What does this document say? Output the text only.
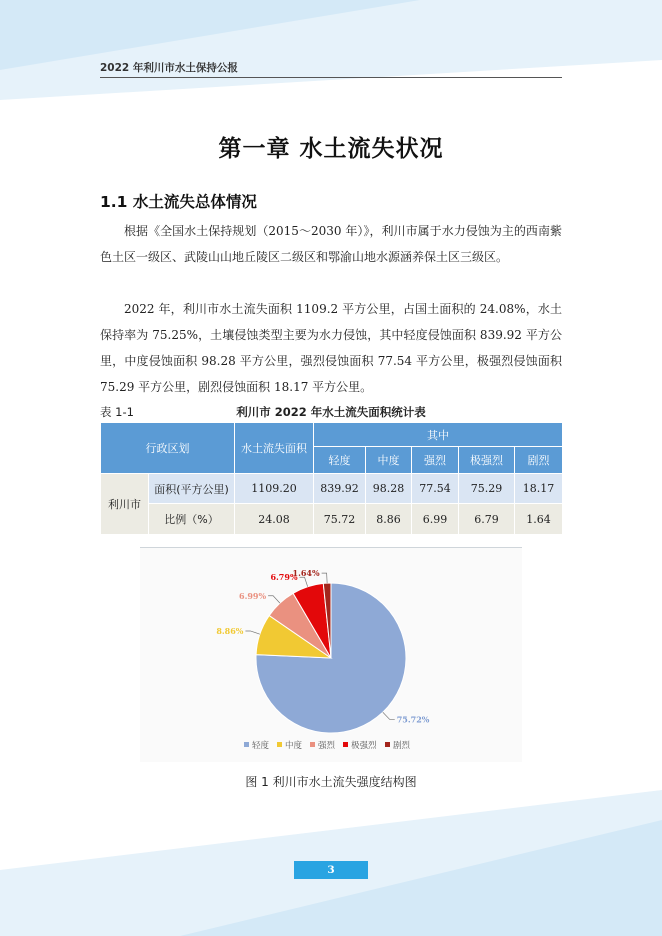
2022 年利川市水土保持公报
第一章 水土流失状况
1.1 水土流失总体情况
根据《全国水土保持规划（2015～2030 年）》，利川市属于水力侵蚀为主的西南紫色土区一级区、武陵山山地丘陵区二级区和鄂渝山地水源涵养保土区三级区。
2022 年，利川市水土流失面积 1109.2 平方公里，占国土面积的 24.08%，水土保持率为 75.25%，土壤侵蚀类型主要为水力侵蚀，其中轻度侵蚀面积 839.92 平方公里，中度侵蚀面积 98.28 平方公里，强烈侵蚀面积 77.54 平方公里，极强烈侵蚀面积 75.29 平方公里，剧烈侵蚀面积 18.17 平方公里。
表 1-1	利川市 2022 年水土流失面积统计表
行政区划		水土流失面积	其中				
			轻度	中度	强烈	极强烈	剧烈
利川市	面积(平方公里)	1109.20	839.92	98.28	77.54	75.29	18.17
	比例（%）	24.08	75.72	8.86	6.99	6.79	1.64
75.72%
8.86%
6.99%
6.79%
1.64%
轻度 中度 强烈 极强烈 剧烈
图 1 利川市水土流失强度结构图
3
